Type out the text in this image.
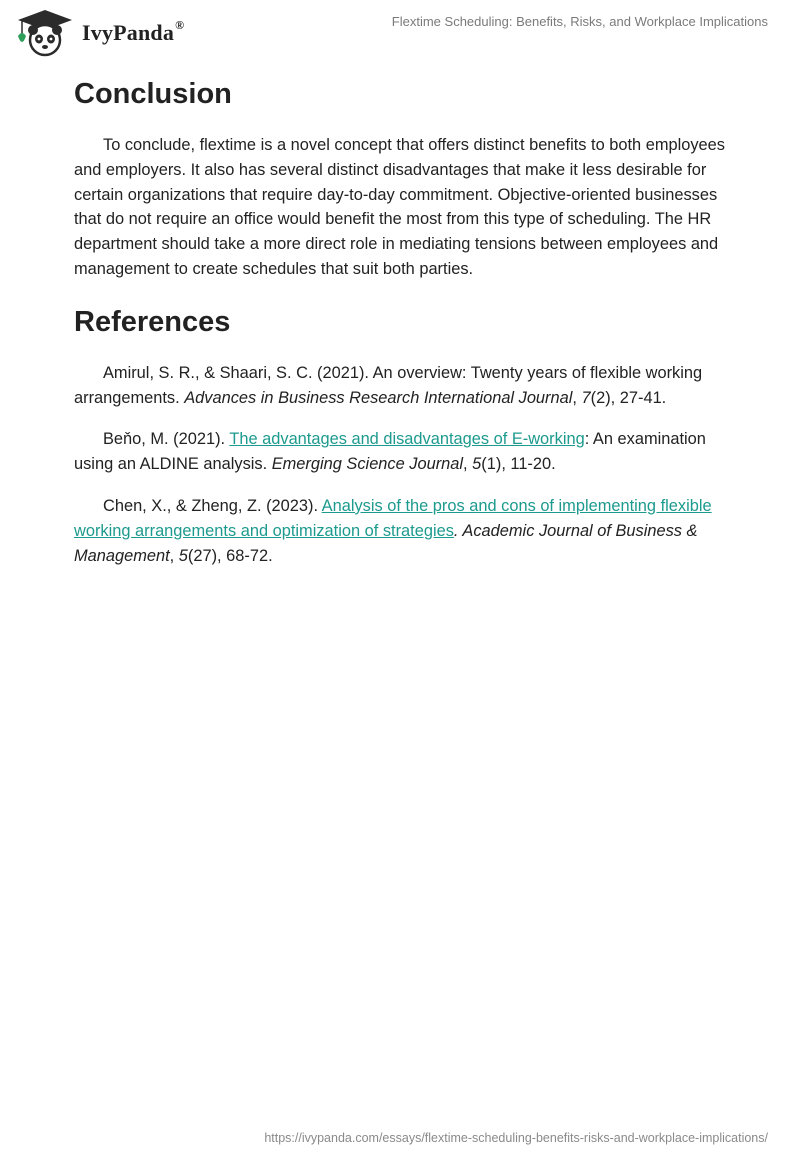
IvyPanda®	Flextime Scheduling: Benefits, Risks, and Workplace Implications
Conclusion

To conclude, flextime is a novel concept that offers distinct benefits to both employees and employers. It also has several distinct disadvantages that make it less desirable for certain organizations that require day-to-day commitment. Objective-oriented businesses that do not require an office would benefit the most from this type of scheduling. The HR department should take a more direct role in mediating tensions between employees and management to create schedules that suit both parties.

References

Amirul, S. R., & Shaari, S. C. (2021). An overview: Twenty years of flexible working arrangements. Advances in Business Research International Journal, 7(2), 27-41.

Beňo, M. (2021). The advantages and disadvantages of E-working: An examination using an ALDINE analysis. Emerging Science Journal, 5(1), 11-20.

Chen, X., & Zheng, Z. (2023). Analysis of the pros and cons of implementing flexible working arrangements and optimization of strategies. Academic Journal of Business & Management, 5(27), 68-72.

https://ivypanda.com/essays/flextime-scheduling-benefits-risks-and-workplace-implications/
